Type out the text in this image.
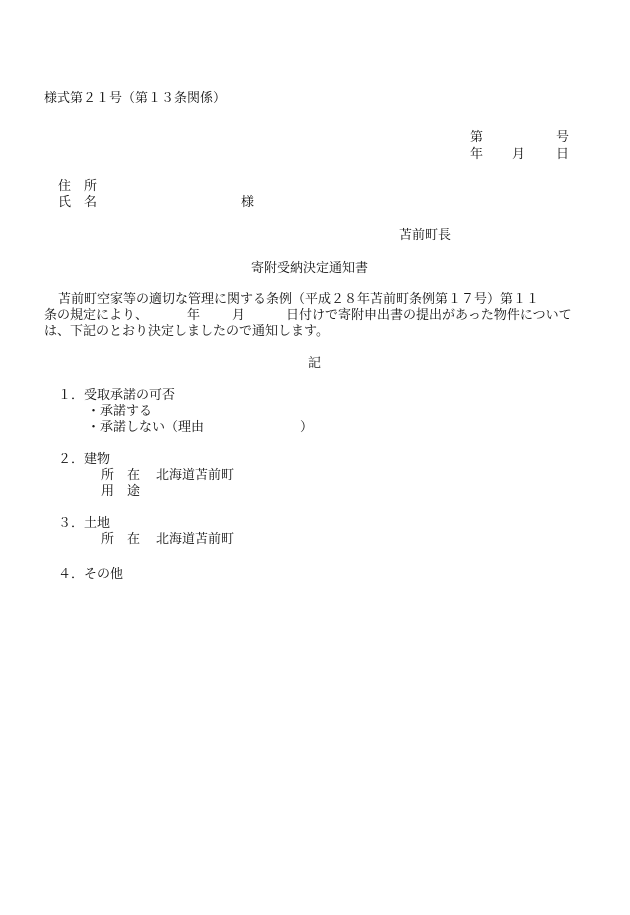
様式第２１号（第１３条関係）
第	号
年 月 日
住　所
氏　名	様
苫前町長
寄附受納決定通知書
苫前町空家等の適切な管理に関する条例（平成２８年苫前町条例第１７号）第１１
条の規定により、	年 月	日付けで寄附申出書の提出があった物件について
は、下記のとおり決定しましたので通知します。
記
１．受取承諾の可否
・承諾する
・承諾しない（理由	）
２．建物
所　在 北海道苫前町
用　途
３．土地
所　在 北海道苫前町
４．その他
